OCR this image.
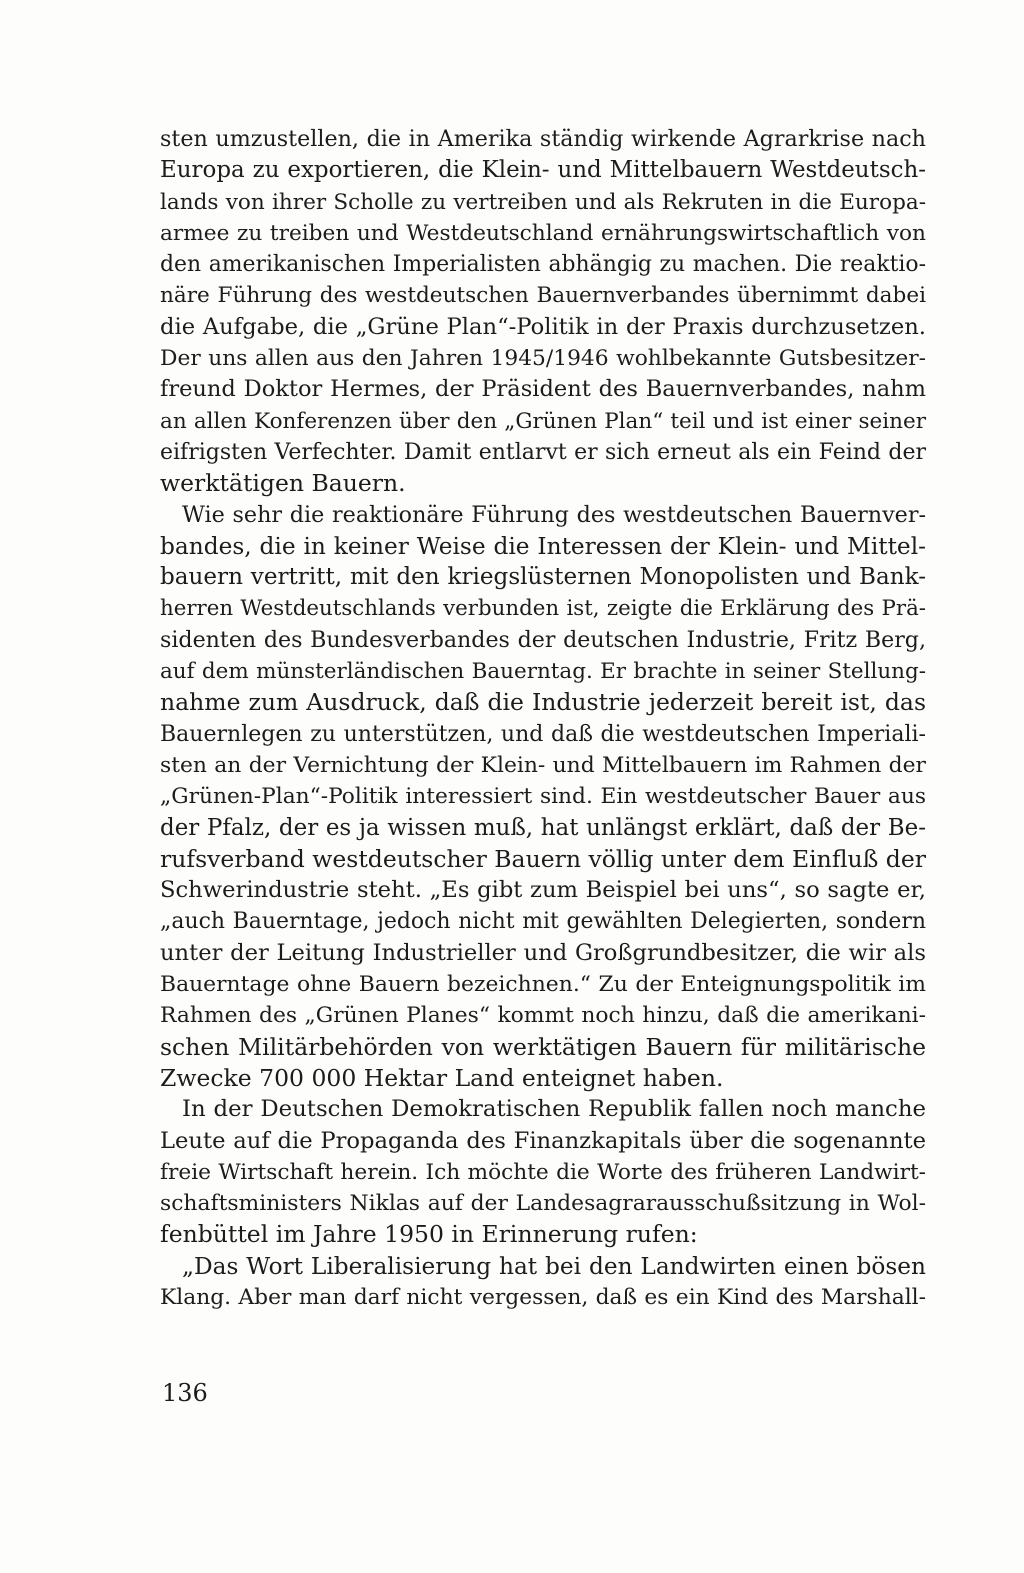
sten umzustellen, die in Amerika ständig wirkende Agrarkrise nach
Europa zu exportieren, die Klein- und Mittelbauern Westdeutsch-
lands von ihrer Scholle zu vertreiben und als Rekruten in die Europa-
armee zu treiben und Westdeutschland ernährungswirtschaftlich von
den amerikanischen Imperialisten abhängig zu machen. Die reaktio-
näre Führung des westdeutschen Bauernverbandes übernimmt dabei
die Aufgabe, die „Grüne Plan“-Politik in der Praxis durchzusetzen.
Der uns allen aus den Jahren 1945/1946 wohlbekannte Gutsbesitzer-
freund Doktor Hermes, der Präsident des Bauernverbandes, nahm
an allen Konferenzen über den „Grünen Plan“ teil und ist einer seiner
eifrigsten Verfechter. Damit entlarvt er sich erneut als ein Feind der
werktätigen Bauern.
Wie sehr die reaktionäre Führung des westdeutschen Bauernver-
bandes, die in keiner Weise die Interessen der Klein- und Mittel-
bauern vertritt, mit den kriegslüsternen Monopolisten und Bank-
herren Westdeutschlands verbunden ist, zeigte die Erklärung des Prä-
sidenten des Bundesverbandes der deutschen Industrie, Fritz Berg,
auf dem münsterländischen Bauerntag. Er brachte in seiner Stellung-
nahme zum Ausdruck, daß die Industrie jederzeit bereit ist, das
Bauernlegen zu unterstützen, und daß die westdeutschen Imperiali-
sten an der Vernichtung der Klein- und Mittelbauern im Rahmen der
„Grünen-Plan“-Politik interessiert sind. Ein westdeutscher Bauer aus
der Pfalz, der es ja wissen muß, hat unlängst erklärt, daß der Be-
rufsverband westdeutscher Bauern völlig unter dem Einfluß der
Schwerindustrie steht. „Es gibt zum Beispiel bei uns“, so sagte er,
„auch Bauerntage, jedoch nicht mit gewählten Delegierten, sondern
unter der Leitung Industrieller und Großgrundbesitzer, die wir als
Bauerntage ohne Bauern bezeichnen.“ Zu der Enteignungspolitik im
Rahmen des „Grünen Planes“ kommt noch hinzu, daß die amerikani-
schen Militärbehörden von werktätigen Bauern für militärische
Zwecke 700 000 Hektar Land enteignet haben.
In der Deutschen Demokratischen Republik fallen noch manche
Leute auf die Propaganda des Finanzkapitals über die sogenannte
freie Wirtschaft herein. Ich möchte die Worte des früheren Landwirt-
schaftsministers Niklas auf der Landesagrarausschußsitzung in Wol-
fenbüttel im Jahre 1950 in Erinnerung rufen:
„Das Wort Liberalisierung hat bei den Landwirten einen bösen
Klang. Aber man darf nicht vergessen, daß es ein Kind des Marshall-
136
